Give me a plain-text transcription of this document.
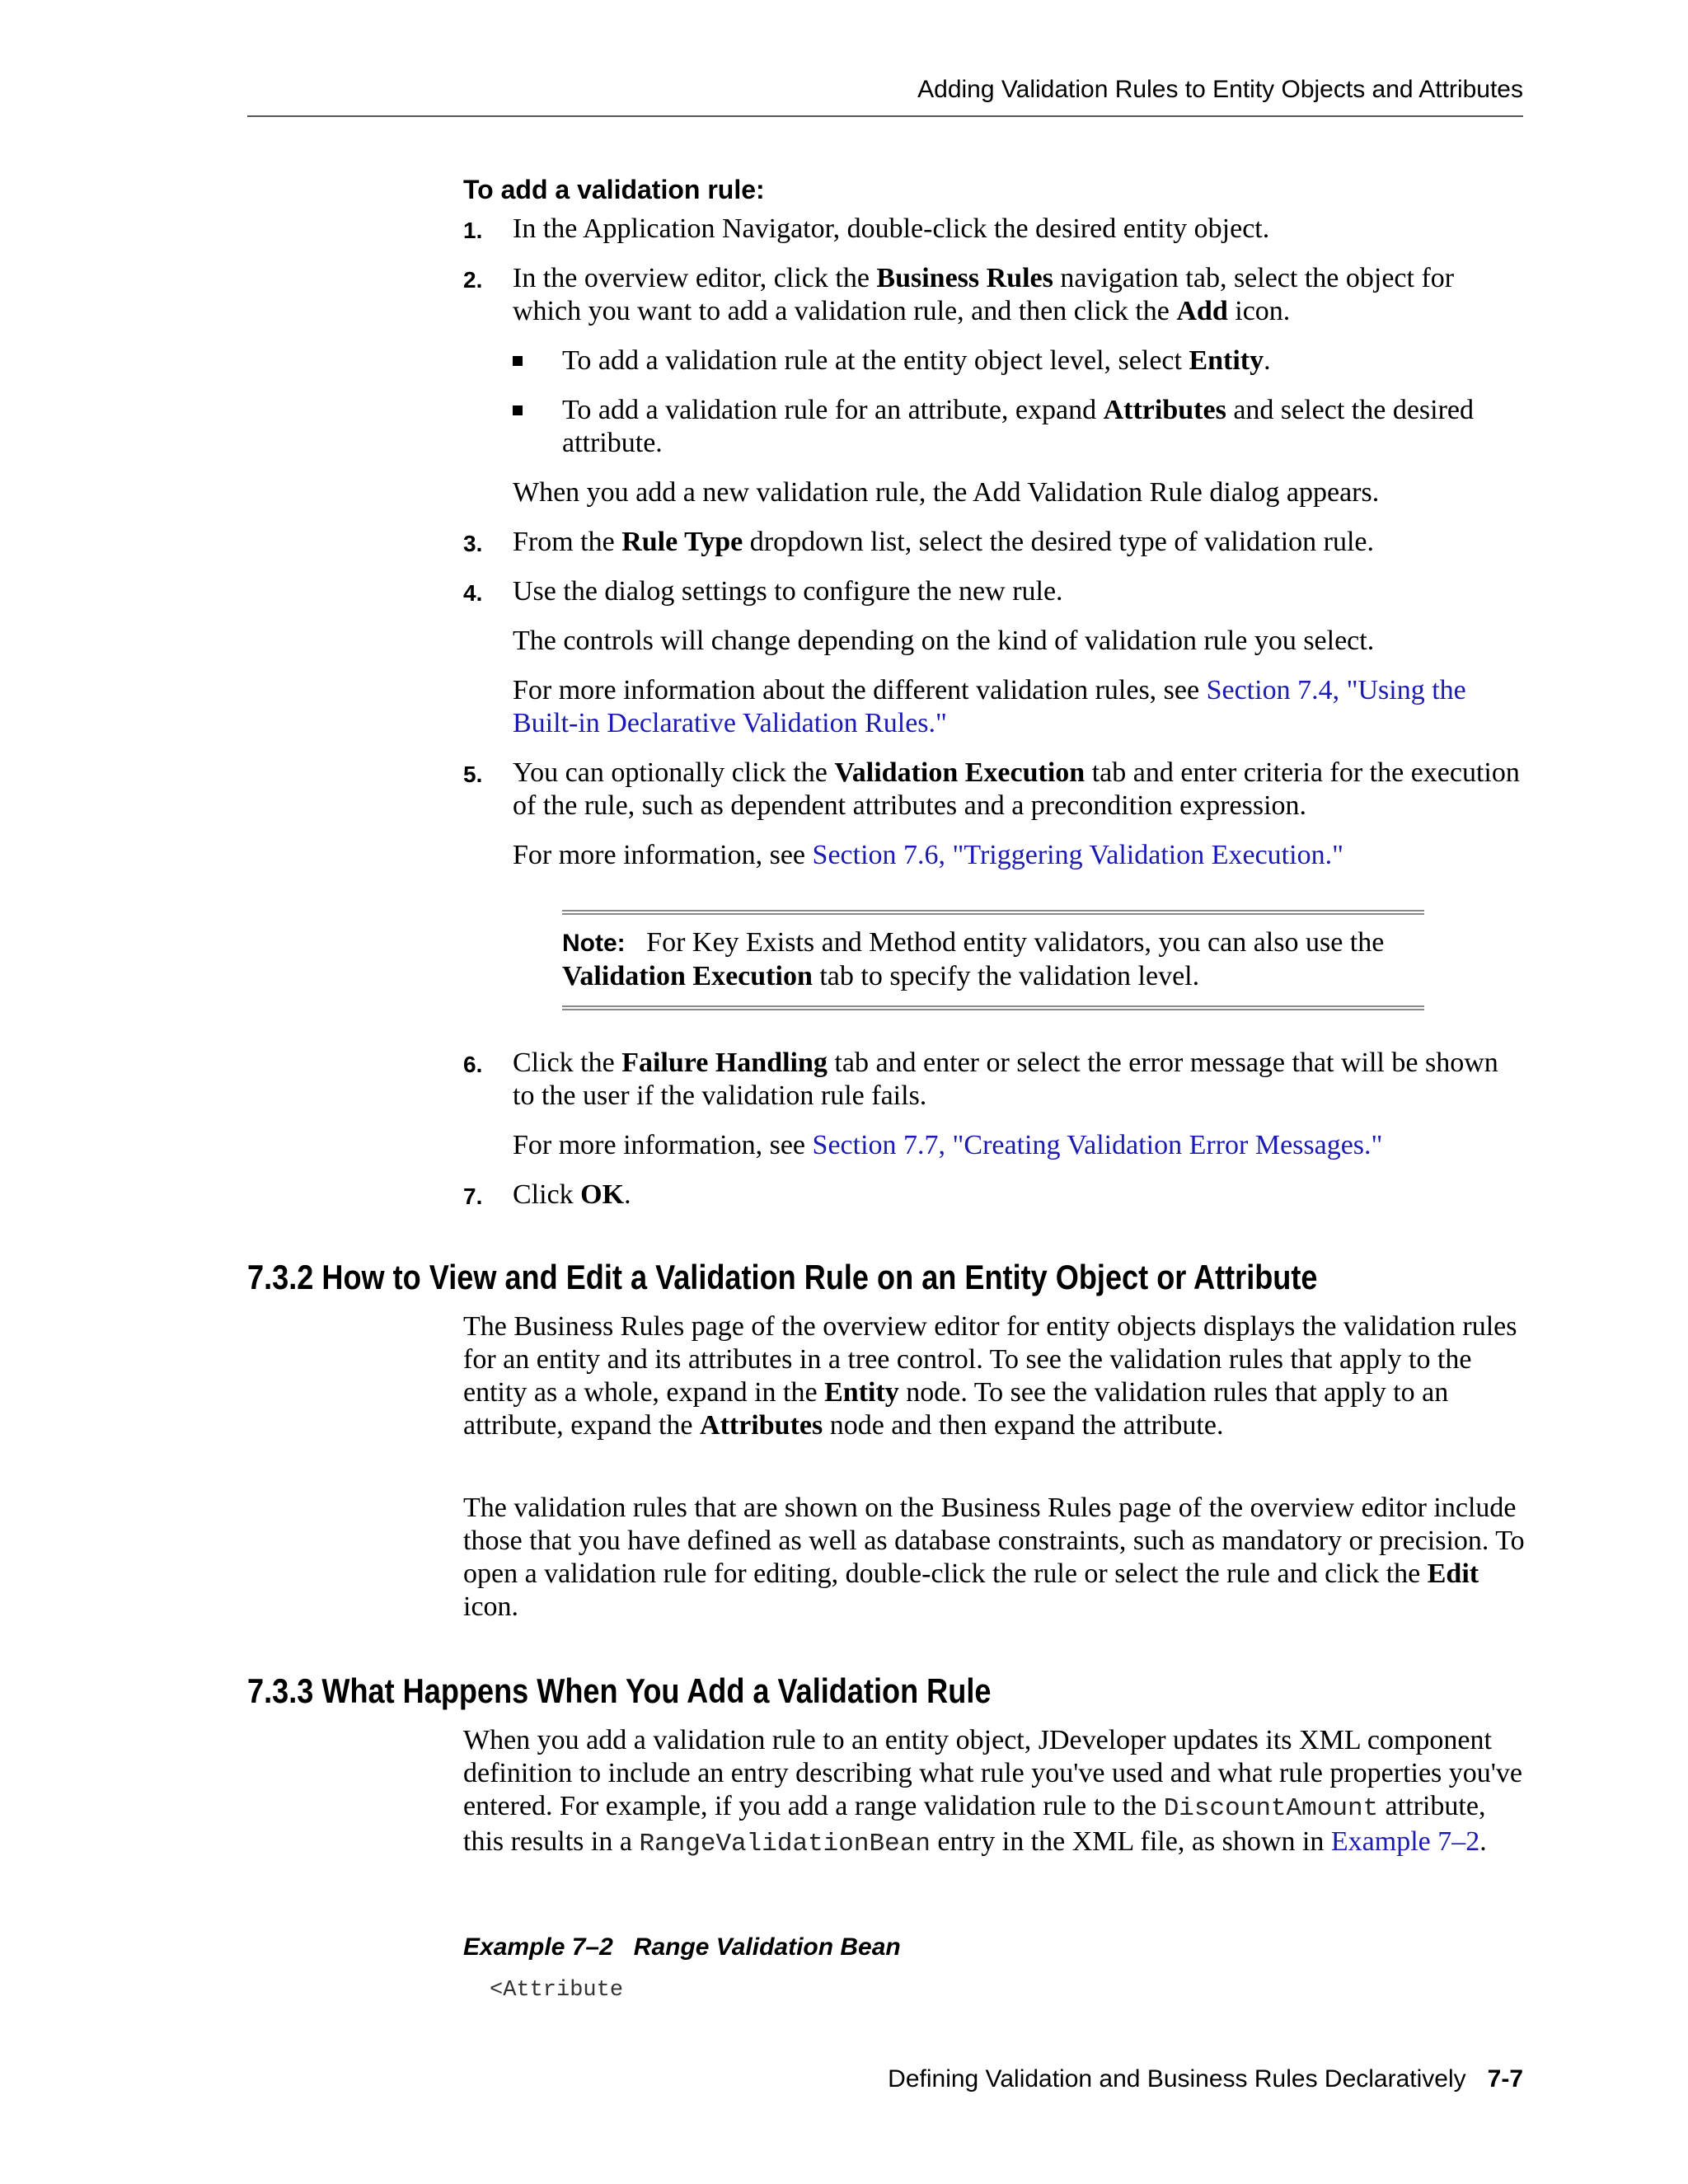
Adding Validation Rules to Entity Objects and Attributes
To add a validation rule:
1. In the Application Navigator, double-click the desired entity object.
2. In the overview editor, click the Business Rules navigation tab, select the object for which you want to add a validation rule, and then click the Add icon.
To add a validation rule at the entity object level, select Entity.
To add a validation rule for an attribute, expand Attributes and select the desired attribute.
When you add a new validation rule, the Add Validation Rule dialog appears.
3. From the Rule Type dropdown list, select the desired type of validation rule.
4. Use the dialog settings to configure the new rule.
The controls will change depending on the kind of validation rule you select.
For more information about the different validation rules, see Section 7.4, "Using the Built-in Declarative Validation Rules."
5. You can optionally click the Validation Execution tab and enter criteria for the execution of the rule, such as dependent attributes and a precondition expression.
For more information, see Section 7.6, "Triggering Validation Execution."
Note: For Key Exists and Method entity validators, you can also use the Validation Execution tab to specify the validation level.
6. Click the Failure Handling tab and enter or select the error message that will be shown to the user if the validation rule fails.
For more information, see Section 7.7, "Creating Validation Error Messages."
7. Click OK.
7.3.2 How to View and Edit a Validation Rule on an Entity Object or Attribute
The Business Rules page of the overview editor for entity objects displays the validation rules for an entity and its attributes in a tree control. To see the validation rules that apply to the entity as a whole, expand in the Entity node. To see the validation rules that apply to an attribute, expand the Attributes node and then expand the attribute.
The validation rules that are shown on the Business Rules page of the overview editor include those that you have defined as well as database constraints, such as mandatory or precision. To open a validation rule for editing, double-click the rule or select the rule and click the Edit icon.
7.3.3 What Happens When You Add a Validation Rule
When you add a validation rule to an entity object, JDeveloper updates its XML component definition to include an entry describing what rule you've used and what rule properties you've entered. For example, if you add a range validation rule to the DiscountAmount attribute, this results in a RangeValidationBean entry in the XML file, as shown in Example 7–2.
Example 7–2   Range Validation Bean
<Attribute
Defining Validation and Business Rules Declaratively 7-7
